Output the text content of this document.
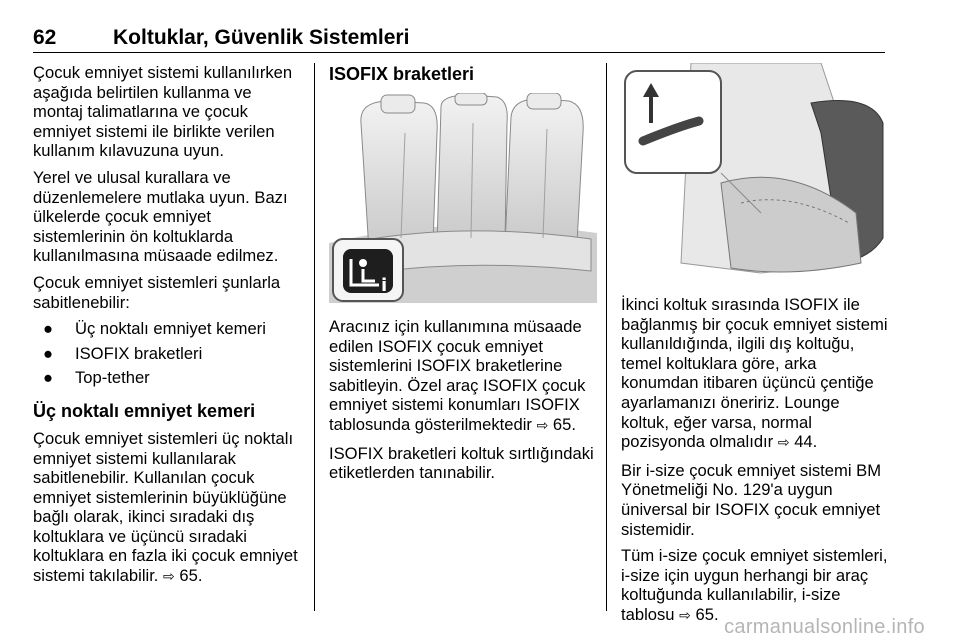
62	Koltuklar, Güvenlik Sistemleri

Çocuk emniyet sistemi kullanılırken aşağıda belirtilen kullanma ve montaj talimatlarına ve çocuk emniyet sistemi ile birlikte verilen kullanım kılavuzuna uyun.

Yerel ve ulusal kurallara ve düzenlemelere mutlaka uyun. Bazı ülkelerde çocuk emniyet sistemlerinin ön koltuklarda kullanılmasına müsaade edilmez.

Çocuk emniyet sistemleri şunlarla sabitlenebilir:

● Üç noktalı emniyet kemeri
● ISOFIX braketleri
● Top-tether
Üç noktalı emniyet kemeri

Çocuk emniyet sistemleri üç noktalı emniyet sistemi kullanılarak sabitlenebilir. Kullanılan çocuk emniyet sistemlerinin büyüklüğüne bağlı olarak, ikinci sıradaki dış koltuklara ve üçüncü sıradaki koltuklara en fazla iki çocuk emniyet sistemi takılabilir. ⇨ 65.

ISOFIX braketleri
i

Aracınız için kullanımına müsaade edilen ISOFIX çocuk emniyet sistemlerini ISOFIX braketlerine sabitleyin. Özel araç ISOFIX çocuk emniyet sistemi konumları ISOFIX tablosunda gösterilmektedir ⇨ 65.

ISOFIX braketleri koltuk sırtlığındaki etiketlerden tanınabilir.

İkinci koltuk sırasında ISOFIX ile bağlanmış bir çocuk emniyet sistemi kullanıldığında, ilgili dış koltuğu, temel koltuklara göre, arka konumdan itibaren üçüncü çentiğe ayarlamanızı öneririz. Lounge koltuk, eğer varsa, normal pozisyonda olmalıdır ⇨ 44.

Bir i-size çocuk emniyet sistemi BM Yönetmeliği No. 129'a uygun üniversal bir ISOFIX çocuk emniyet sistemidir.

Tüm i-size çocuk emniyet sistemleri, i-size için uygun herhangi bir araç koltuğunda kullanılabilir, i-size tablosu ⇨ 65.

carmanualsonline.info
